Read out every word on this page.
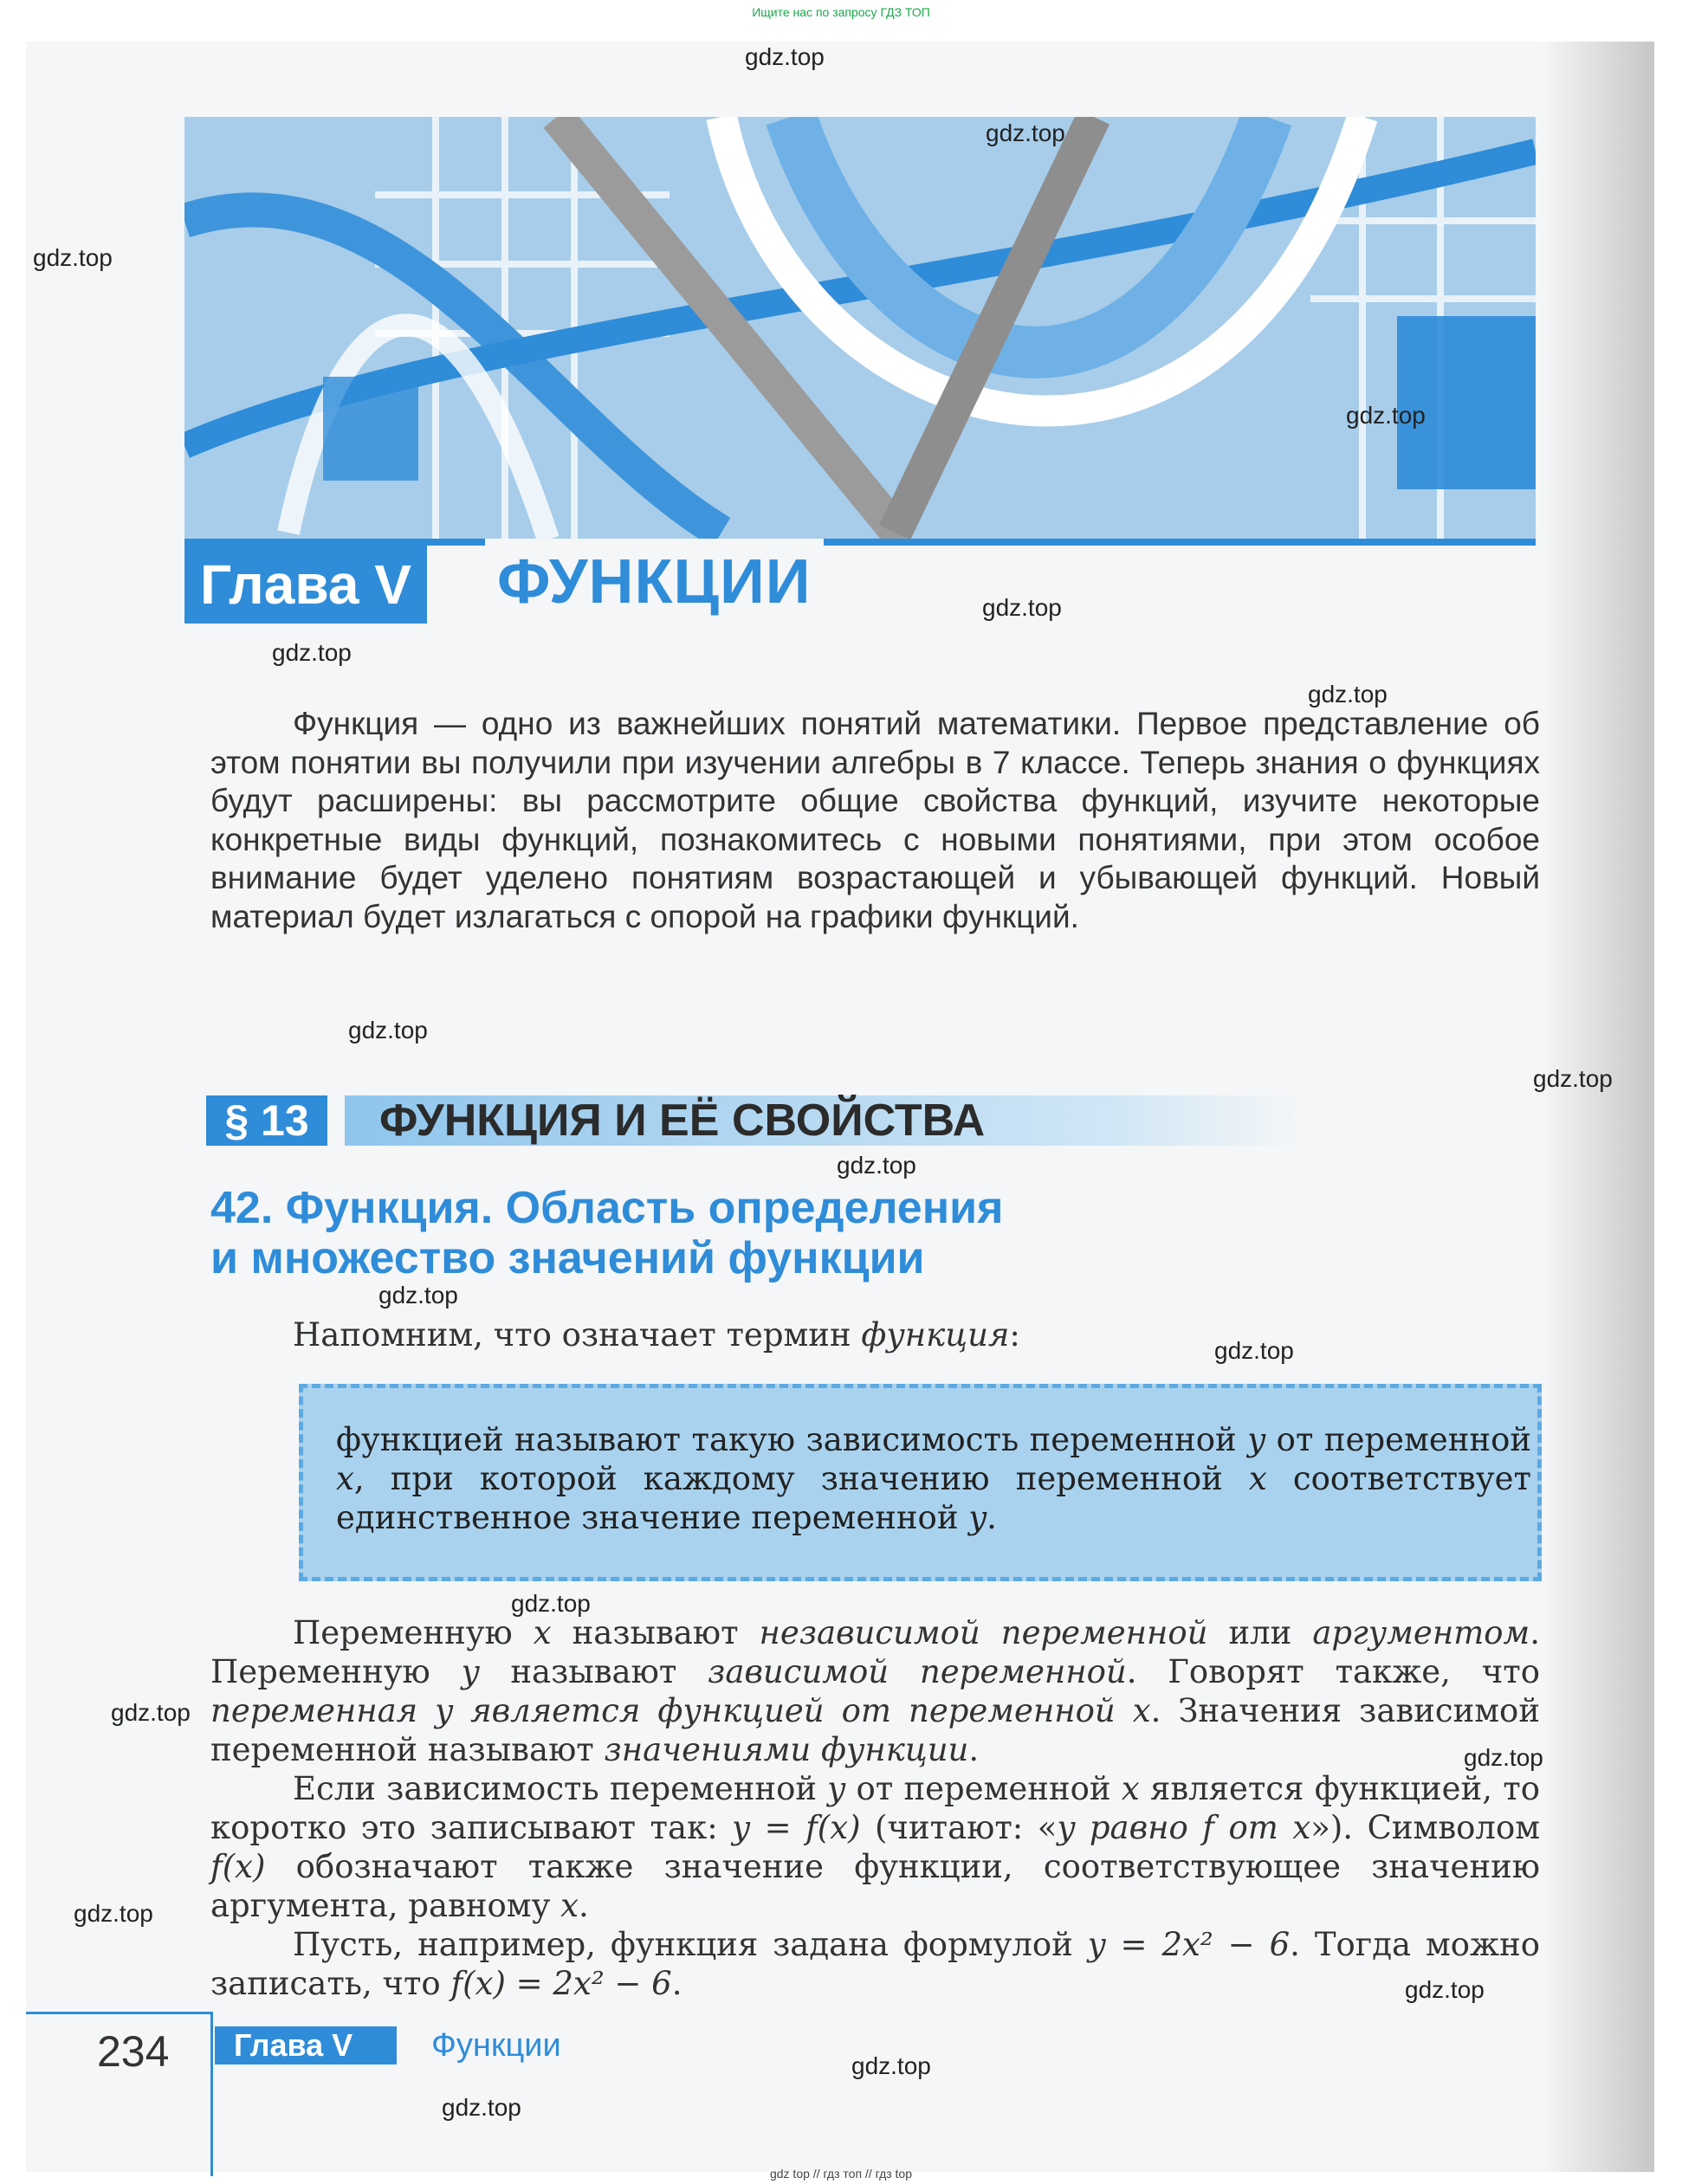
Ищите нас по запросу ГДЗ ТОП
Глава V ФУНКЦИИ
Функция — одно из важнейших понятий математики. Первое представление об этом понятии вы получили при изучении алгебры в 7 классе. Теперь знания о функциях будут расширены: вы рассмотрите общие свойства функций, изучите некоторые конкретные виды функций, познакомитесь с новыми понятиями, при этом особое внимание будет уделено понятиям возрастающей и убывающей функций. Новый материал будет излагаться с опорой на графики функций.
§ 13	ФУНКЦИЯ И ЕЁ СВОЙСТВА
42. Функция. Область определения
и множество значений функции
Напомним, что означает термин функция:
функцией называют такую зависимость переменной y от переменной x, при которой каждому значению переменной x соответствует единственное значение переменной y.

Переменную x называют независимой переменной или аргументом. Переменную y называют зависимой переменной. Говорят также, что переменная y является функцией от переменной x. Значения зависимой переменной называют значениями функции.

Если зависимость переменной y от переменной x является функцией, то коротко это записывают так: y = f(x) (читают: «y равно f от x»). Символом f(x) обозначают также значение функции, соответствующее значению аргумента, равному x.

Пусть, например, функция задана формулой y = 2x² − 6. Тогда можно записать, что f(x) = 2x² − 6.

234	Глава V	Функции
gdz.top
gdz.top
gdz.top
gdz.top
gdz.top
gdz.top
gdz.top
gdz.top
gdz.top
gdz.top
gdz.top
gdz.top
gdz.top
gdz.top
gdz.top
gdz.top
gdz.top
gdz.top
gdz.top
gdz top // гдз топ // гдз top
